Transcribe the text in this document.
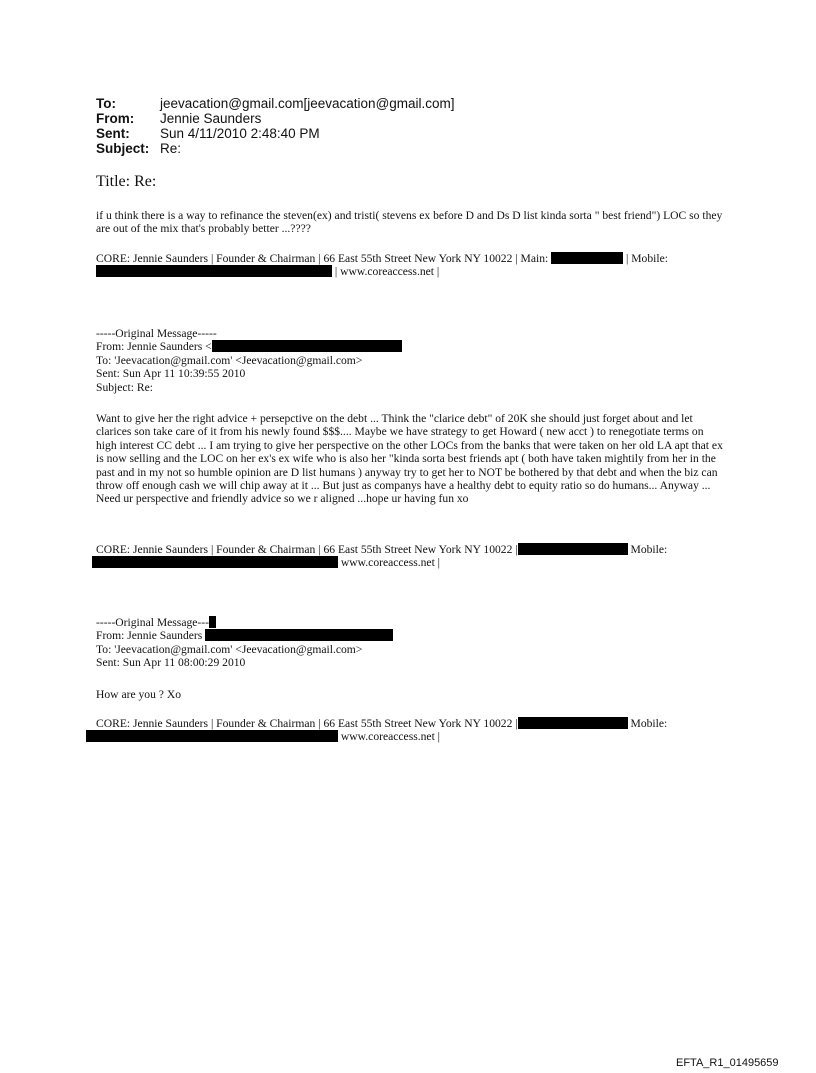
To:	jeevacation@gmail.com[jeevacation@gmail.com]
From:	Jennie Saunders
Sent:	Sun 4/11/2010 2:48:40 PM
Subject: Re:
Title: Re:

if u think there is a way to refinance the steven(ex) and tristi( stevens ex before D and Ds D list kinda sorta " best friend") LOC so they are out of the mix that's probably better ...????

CORE: Jennie Saunders | Founder & Chairman | 66 East 55th Street New York NY 10022 | Main:	| Mobile:
| www.coreaccess.net |
-----Original Message-----
From: Jennie Saunders <
To: 'Jeevacation@gmail.com' <Jeevacation@gmail.com>
Sent: Sun Apr 11 10:39:55 2010
Subject: Re:

Want to give her the right advice + persepctive on the debt ... Think the "clarice debt" of 20K she should just forget about and let clarices son take care of it from his newly found $$$.... Maybe we have strategy to get Howard ( new acct ) to renegotiate terms on high interest CC debt ... I am trying to give her perspective on the other LOCs from the banks that were taken on her old LA apt that ex is now selling and the LOC on her ex's ex wife who is also her "kinda sorta best friends apt ( both have taken mightily from her in the past and in my not so humble opinion are D list humans ) anyway try to get her to NOT be bothered by that debt and when the biz can throw off enough cash we will chip away at it ... But just as companys have a healthy debt to equity ratio so do humans... Anyway ... Need ur perspective and friendly advice so we r aligned ...hope ur having fun xo

CORE: Jennie Saunders | Founder & Chairman | 66 East 55th Street New York NY 10022 |	Mobile:
www.coreaccess.net |
-----Original Message---
From: Jennie Saunders
To: 'Jeevacation@gmail.com' <Jeevacation@gmail.com>
Sent: Sun Apr 11 08:00:29 2010

How are you ? Xo

CORE: Jennie Saunders | Founder & Chairman | 66 East 55th Street New York NY 10022 |	Mobile:
www.coreaccess.net |
EFTA_R1_01495659
